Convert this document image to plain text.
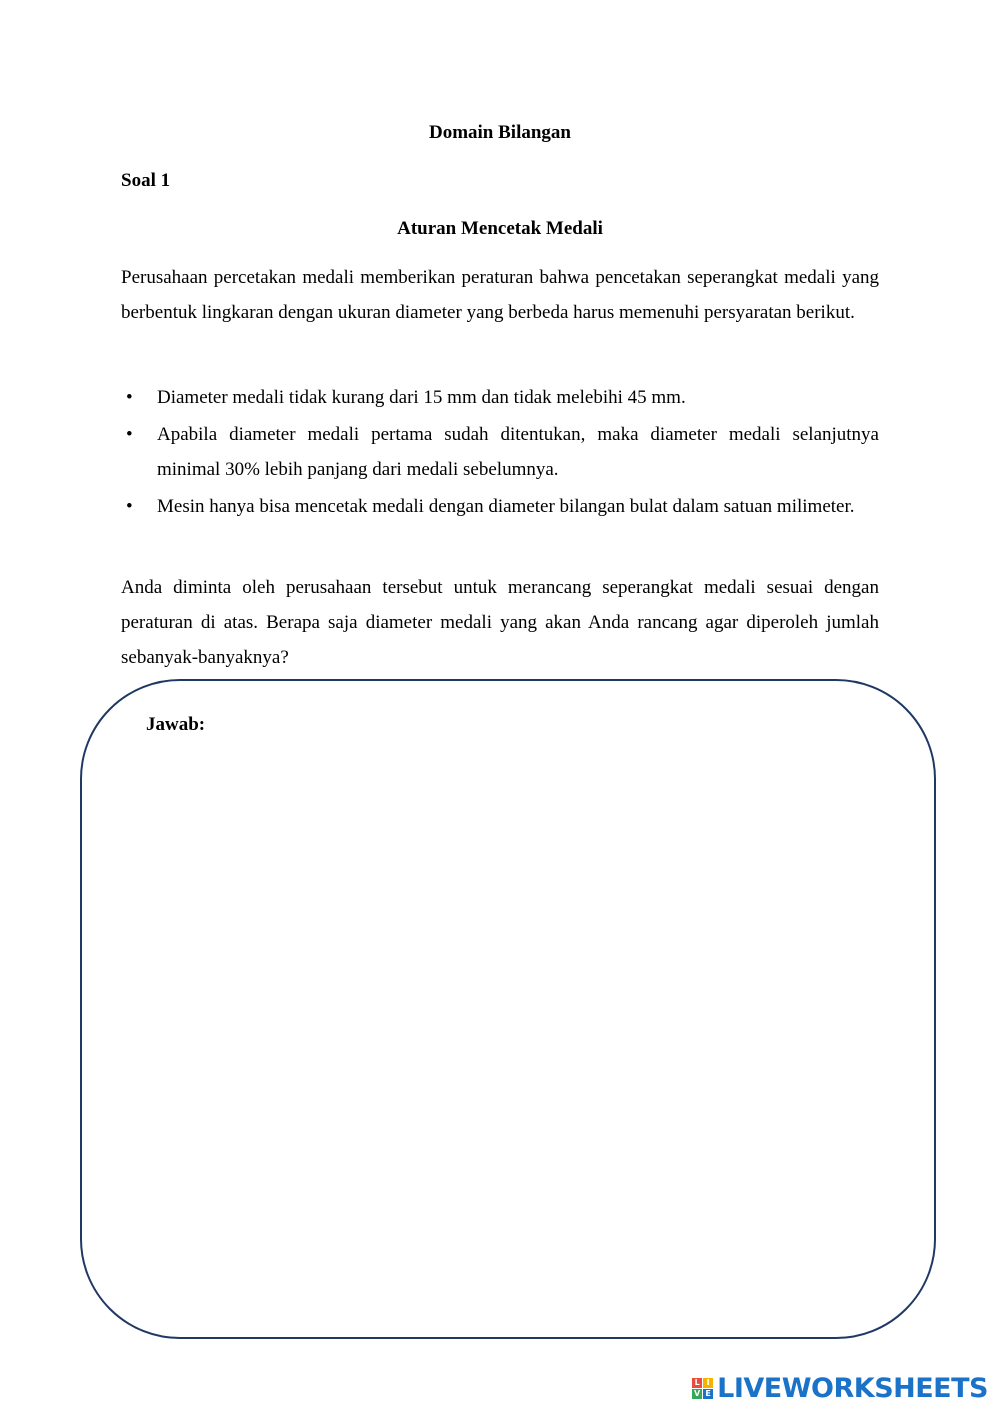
Domain Bilangan
Soal 1
Aturan Mencetak Medali

Perusahaan percetakan medali memberikan peraturan bahwa pencetakan seperangkat medali yang berbentuk lingkaran dengan ukuran diameter yang berbeda harus memenuhi persyaratan berikut.

• Diameter medali tidak kurang dari 15 mm dan tidak melebihi 45 mm.
• Apabila diameter medali pertama sudah ditentukan, maka diameter medali selanjutnya minimal 30% lebih panjang dari medali sebelumnya.
• Mesin hanya bisa mencetak medali dengan diameter bilangan bulat dalam satuan milimeter.

Anda diminta oleh perusahaan tersebut untuk merancang seperangkat medali sesuai dengan peraturan di atas. Berapa saja diameter medali yang akan Anda rancang agar diperoleh jumlah sebanyak-banyaknya?

Jawab:
L I
V E LIVEWORKSHEETS
